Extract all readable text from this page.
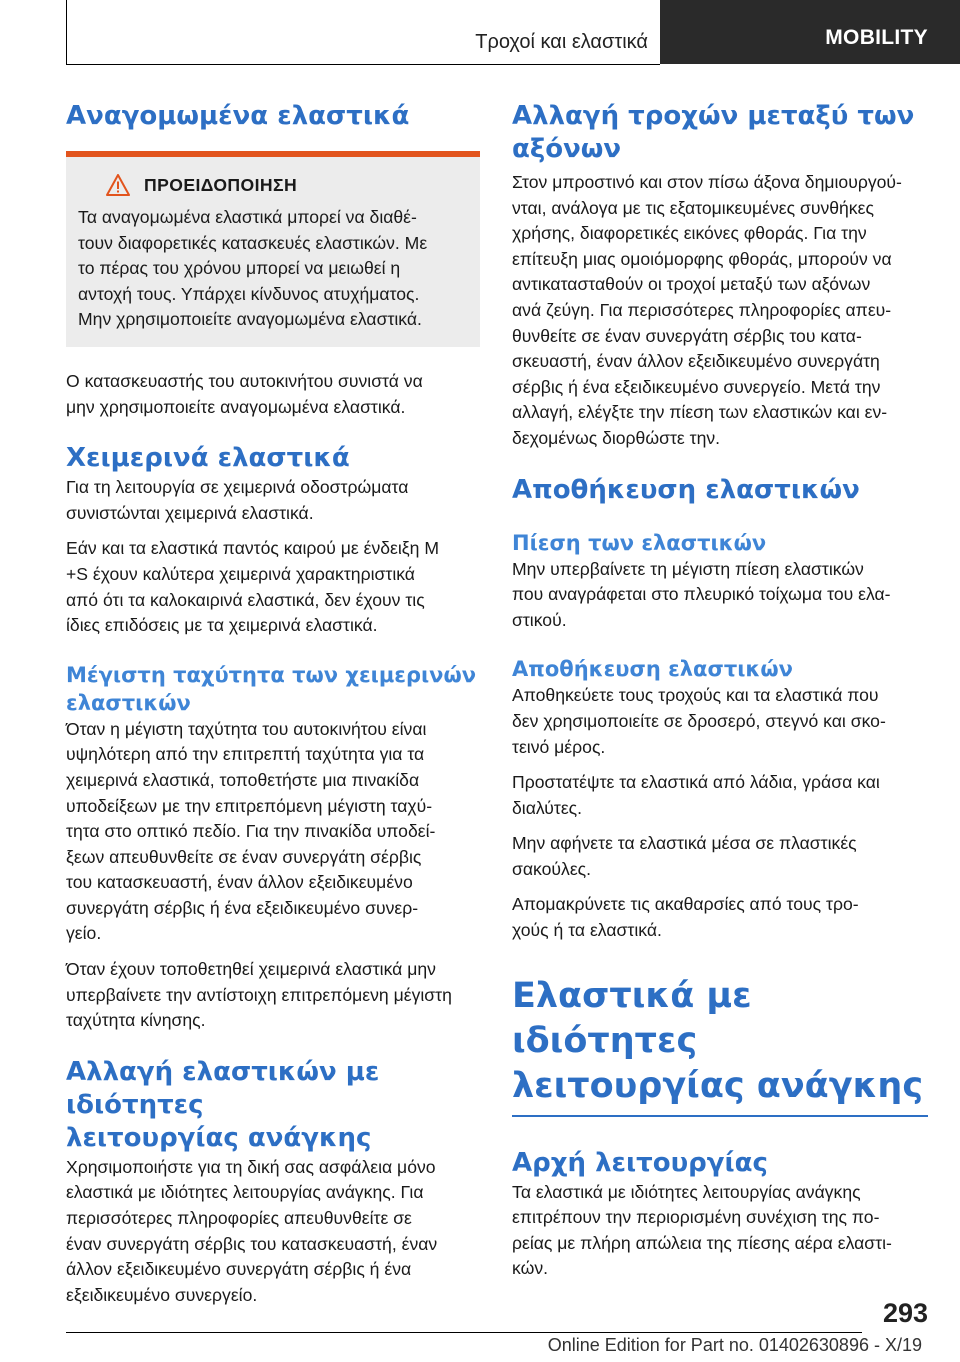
Τροχοί και ελαστικά	MOBILITY
Αναγομωμένα ελαστικά
ΠΡΟΕΙΔΟΠΟΙΗΣΗ

Τα αναγομωμένα ελαστικά μπορεί να διαθέ-
τουν διαφορετικές κατασκευές ελαστικών. Με
το πέρας του χρόνου μπορεί να μειωθεί η
αντοχή τους. Υπάρχει κίνδυνος ατυχήματος.
Μην χρησιμοποιείτε αναγομωμένα ελαστικά.

Ο κατασκευαστής του αυτοκινήτου συνιστά να
μην χρησιμοποιείτε αναγομωμένα ελαστικά.

Χειμερινά ελαστικά

Για τη λειτουργία σε χειμερινά οδοστρώματα
συνιστώνται χειμερινά ελαστικά.

Εάν και τα ελαστικά παντός καιρού με ένδειξη M
+S έχουν καλύτερα χειμερινά χαρακτηριστικά
από ότι τα καλοκαιρινά ελαστικά, δεν έχουν τις
ίδιες επιδόσεις με τα χειμερινά ελαστικά.

Μέγιστη ταχύτητα των χειμερινών
ελαστικών

Όταν η μέγιστη ταχύτητα του αυτοκινήτου είναι
υψηλότερη από την επιτρεπτή ταχύτητα για τα
χειμερινά ελαστικά, τοποθετήστε μια πινακίδα
υποδείξεων με την επιτρεπόμενη μέγιστη ταχύ-
τητα στο οπτικό πεδίο. Για την πινακίδα υποδεί-
ξεων απευθυνθείτε σε έναν συνεργάτη σέρβις
του κατασκευαστή, έναν άλλον εξειδικευμένο
συνεργάτη σέρβις ή ένα εξειδικευμένο συνερ-
γείο.

Όταν έχουν τοποθετηθεί χειμερινά ελαστικά μην
υπερβαίνετε την αντίστοιχη επιτρεπόμενη μέγιστη
ταχύτητα κίνησης.

Αλλαγή ελαστικών με ιδιότητες
λειτουργίας ανάγκης

Χρησιμοποιήστε για τη δική σας ασφάλεια μόνο
ελαστικά με ιδιότητες λειτουργίας ανάγκης. Για
περισσότερες πληροφορίες απευθυνθείτε σε
έναν συνεργάτη σέρβις του κατασκευαστή, έναν
άλλον εξειδικευμένο συνεργάτη σέρβις ή ένα
εξειδικευμένο συνεργείο.

Αλλαγή τροχών μεταξύ των
αξόνων

Στον μπροστινό και στον πίσω άξονα δημιουργού-
νται, ανάλογα με τις εξατομικευμένες συνθήκες
χρήσης, διαφορετικές εικόνες φθοράς. Για την
επίτευξη μιας ομοιόμορφης φθοράς, μπορούν να
αντικατασταθούν οι τροχοί μεταξύ των αξόνων
ανά ζεύγη. Για περισσότερες πληροφορίες απευ-
θυνθείτε σε έναν συνεργάτη σέρβις του κατα-
σκευαστή, έναν άλλον εξειδικευμένο συνεργάτη
σέρβις ή ένα εξειδικευμένο συνεργείο. Μετά την
αλλαγή, ελέγξτε την πίεση των ελαστικών και εν-
δεχομένως διορθώστε την.

Αποθήκευση ελαστικών
Πίεση των ελαστικών

Μην υπερβαίνετε τη μέγιστη πίεση ελαστικών
που αναγράφεται στο πλευρικό τοίχωμα του ελα-
στικού.

Αποθήκευση ελαστικών

Αποθηκεύετε τους τροχούς και τα ελαστικά που
δεν χρησιμοποιείτε σε δροσερό, στεγνό και σκο-
τεινό μέρος.

Προστατέψτε τα ελαστικά από λάδια, γράσα και
διαλύτες.

Μην αφήνετε τα ελαστικά μέσα σε πλαστικές
σακούλες.

Απομακρύνετε τις ακαθαρσίες από τους τρο-
χούς ή τα ελαστικά.

Ελαστικά με ιδιότητες
λειτουργίας ανάγκης
Αρχή λειτουργίας

Τα ελαστικά με ιδιότητες λειτουργίας ανάγκης
επιτρέπουν την περιορισμένη συνέχιση της πο-
ρείας με πλήρη απώλεια της πίεσης αέρα ελαστι-
κών.

293
Online Edition for Part no. 01402630896 - X/19
